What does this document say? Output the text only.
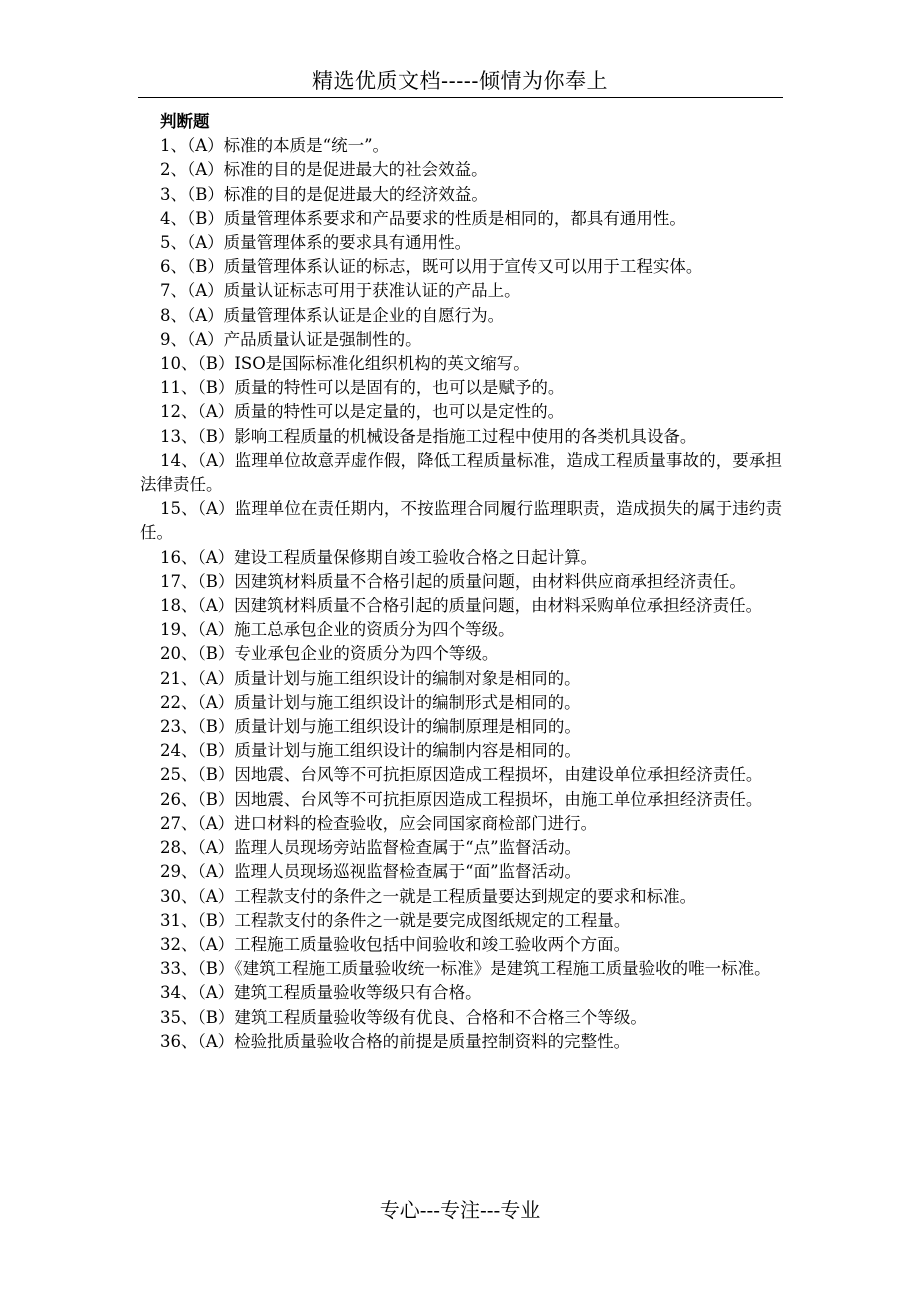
精选优质文档-----倾情为你奉上
判断题

1、（A）标准的本质是“统一”。

2、（A）标准的目的是促进最大的社会效益。

3、（B）标准的目的是促进最大的经济效益。

4、（B）质量管理体系要求和产品要求的性质是相同的，都具有通用性。

5、（A）质量管理体系的要求具有通用性。

6、（B）质量管理体系认证的标志，既可以用于宣传又可以用于工程实体。

7、（A）质量认证标志可用于获准认证的产品上。

8、（A）质量管理体系认证是企业的自愿行为。

9、（A）产品质量认证是强制性的。

10、（B）ISO是国际标准化组织机构的英文缩写。

11、（B）质量的特性可以是固有的，也可以是赋予的。

12、（A）质量的特性可以是定量的，也可以是定性的。

13、（B）影响工程质量的机械设备是指施工过程中使用的各类机具设备。

14、（A）监理单位故意弄虚作假，降低工程质量标准，造成工程质量事故的，要承担法律责任。

15、（A）监理单位在责任期内，不按监理合同履行监理职责，造成损失的属于违约责任。

16、（A）建设工程质量保修期自竣工验收合格之日起计算。

17、（B）因建筑材料质量不合格引起的质量问题，由材料供应商承担经济责任。

18、（A）因建筑材料质量不合格引起的质量问题，由材料采购单位承担经济责任。

19、（A）施工总承包企业的资质分为四个等级。

20、（B）专业承包企业的资质分为四个等级。

21、（A）质量计划与施工组织设计的编制对象是相同的。

22、（A）质量计划与施工组织设计的编制形式是相同的。

23、（B）质量计划与施工组织设计的编制原理是相同的。

24、（B）质量计划与施工组织设计的编制内容是相同的。

25、（B）因地震、台风等不可抗拒原因造成工程损坏，由建设单位承担经济责任。

26、（B）因地震、台风等不可抗拒原因造成工程损坏，由施工单位承担经济责任。

27、（A）进口材料的检查验收，应会同国家商检部门进行。

28、（A）监理人员现场旁站监督检查属于“点”监督活动。

29、（A）监理人员现场巡视监督检查属于“面”监督活动。

30、（A）工程款支付的条件之一就是工程质量要达到规定的要求和标准。

31、（B）工程款支付的条件之一就是要完成图纸规定的工程量。

32、（A）工程施工质量验收包括中间验收和竣工验收两个方面。

33、（B）《建筑工程施工质量验收统一标准》是建筑工程施工质量验收的唯一标准。

34、（A）建筑工程质量验收等级只有合格。

35、（B）建筑工程质量验收等级有优良、合格和不合格三个等级。

36、（A）检验批质量验收合格的前提是质量控制资料的完整性。

专心---专注---专业
